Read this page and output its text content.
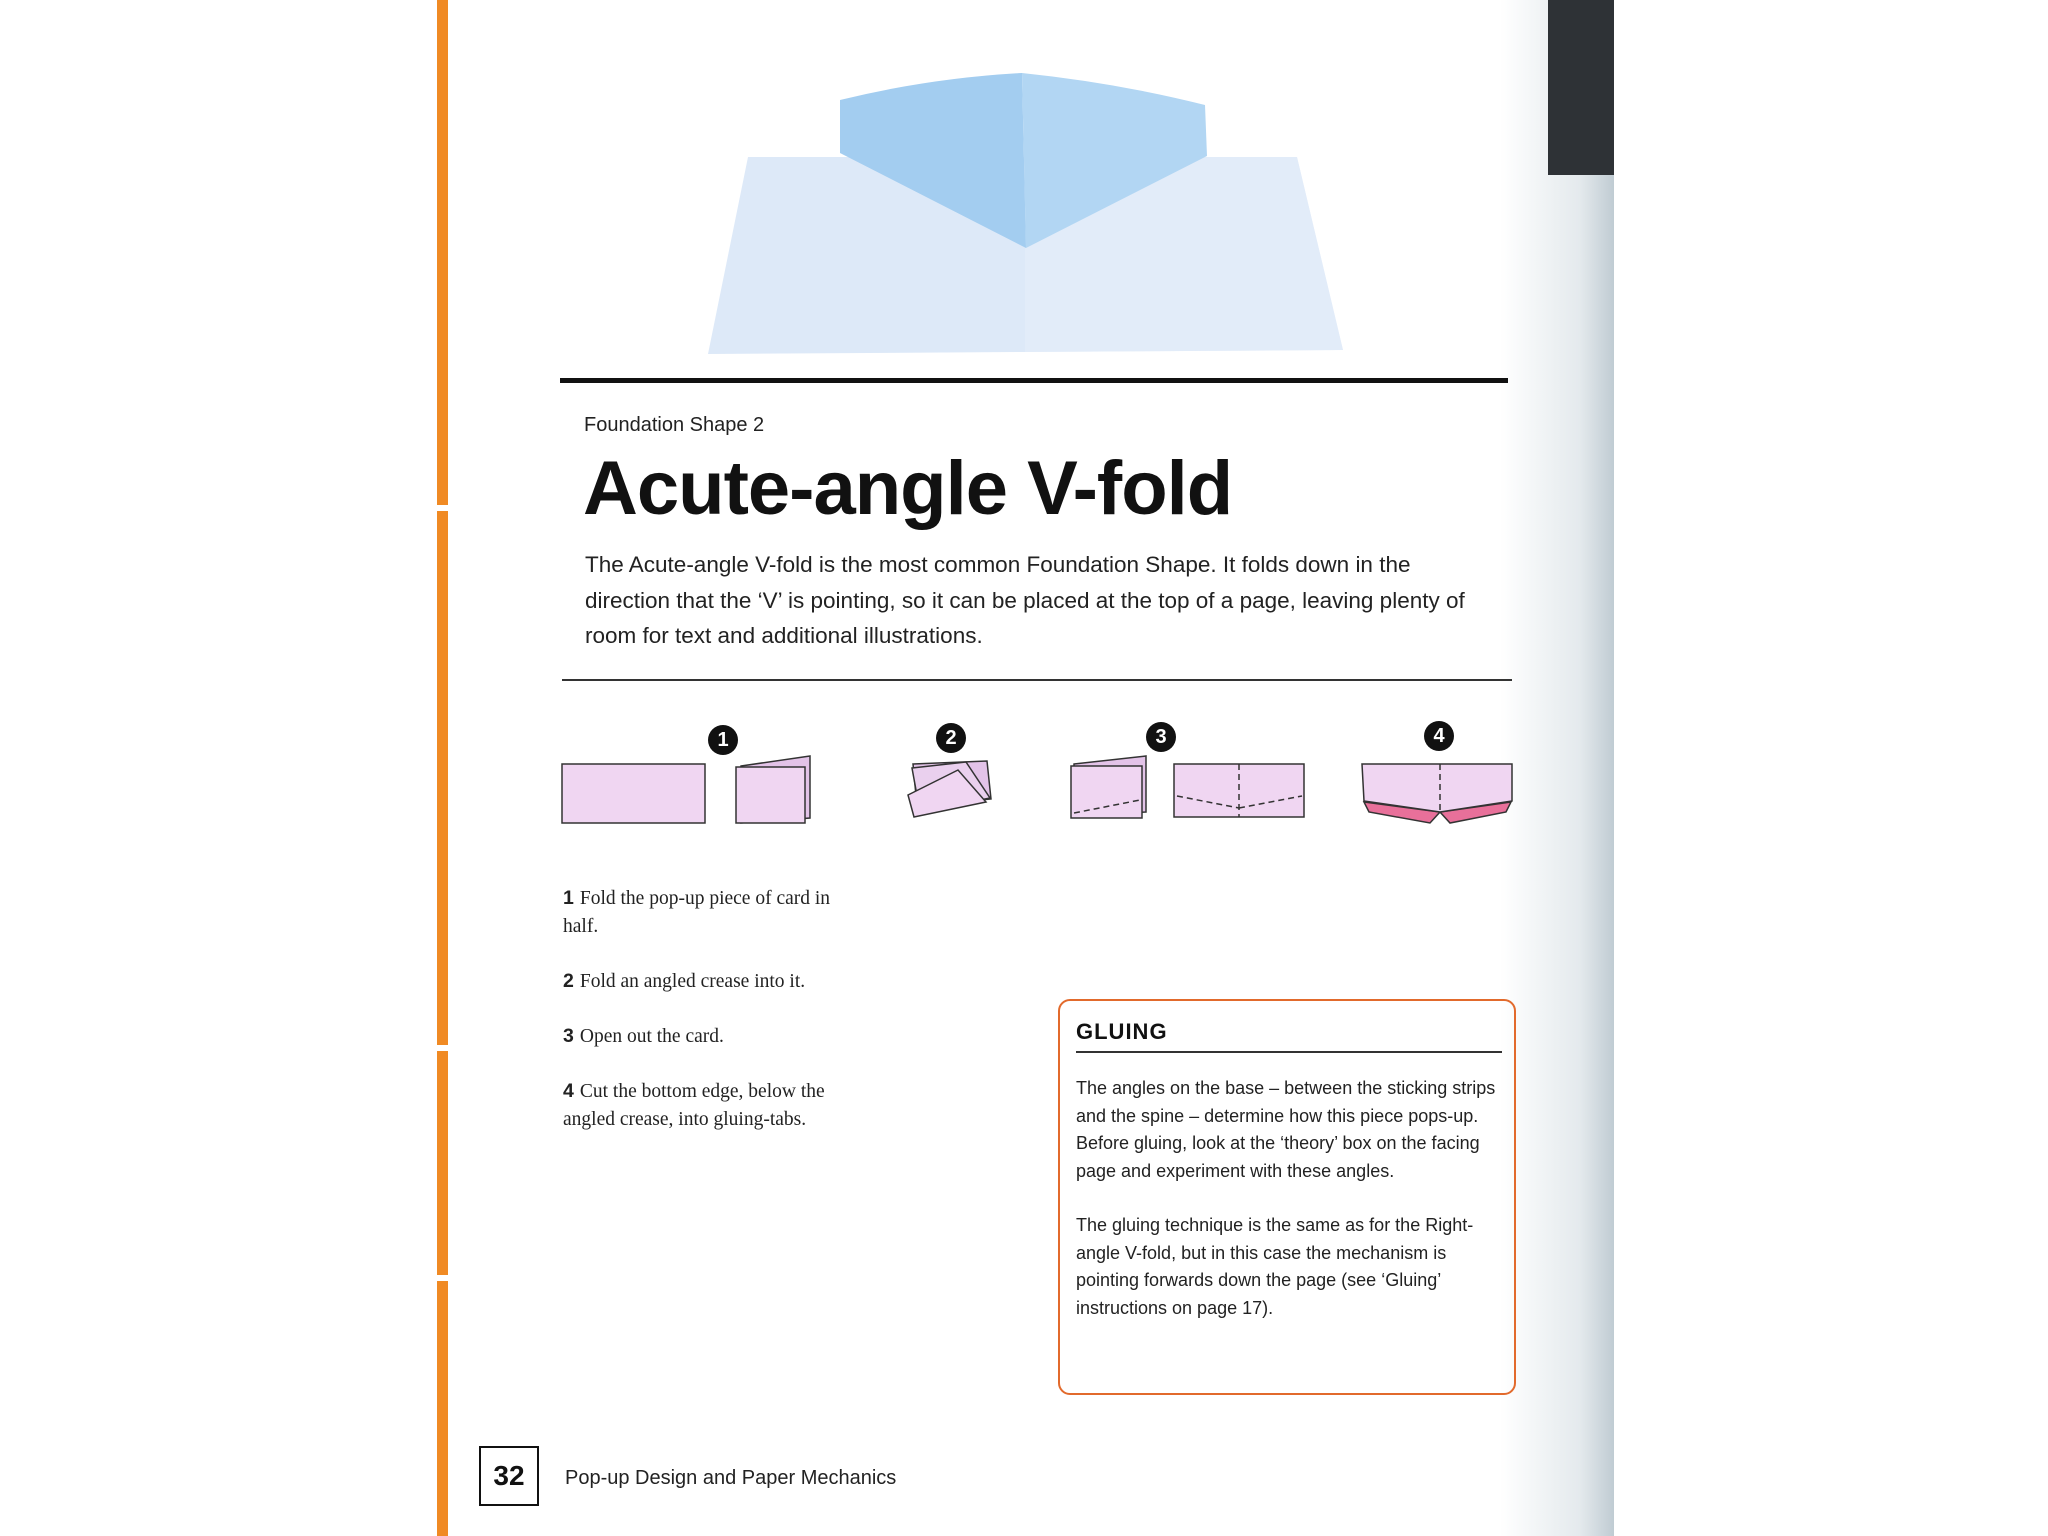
Foundation Shape 2
Acute-angle V-fold
The Acute-angle V-fold is the most common Foundation Shape. It folds down in the direction that the ‘V’ is pointing, so it can be placed at the top of a page, leaving plenty of room for text and additional illustrations.
1	2	3	4

1 Fold the pop-up piece of card in half.

2 Fold an angled crease into it.

3 Open out the card.

4 Cut the bottom edge, below the angled crease, into gluing-tabs.

GLUING

The angles on the base – between the sticking strips and the spine – determine how this piece pops-up. Before gluing, look at the ‘theory’ box on the facing page and experiment with these angles.

The gluing technique is the same as for the Right-angle V-fold, but in this case the mechanism is pointing forwards down the page (see ‘Gluing’ instructions on page 17).

32	Pop-up Design and Paper Mechanics
